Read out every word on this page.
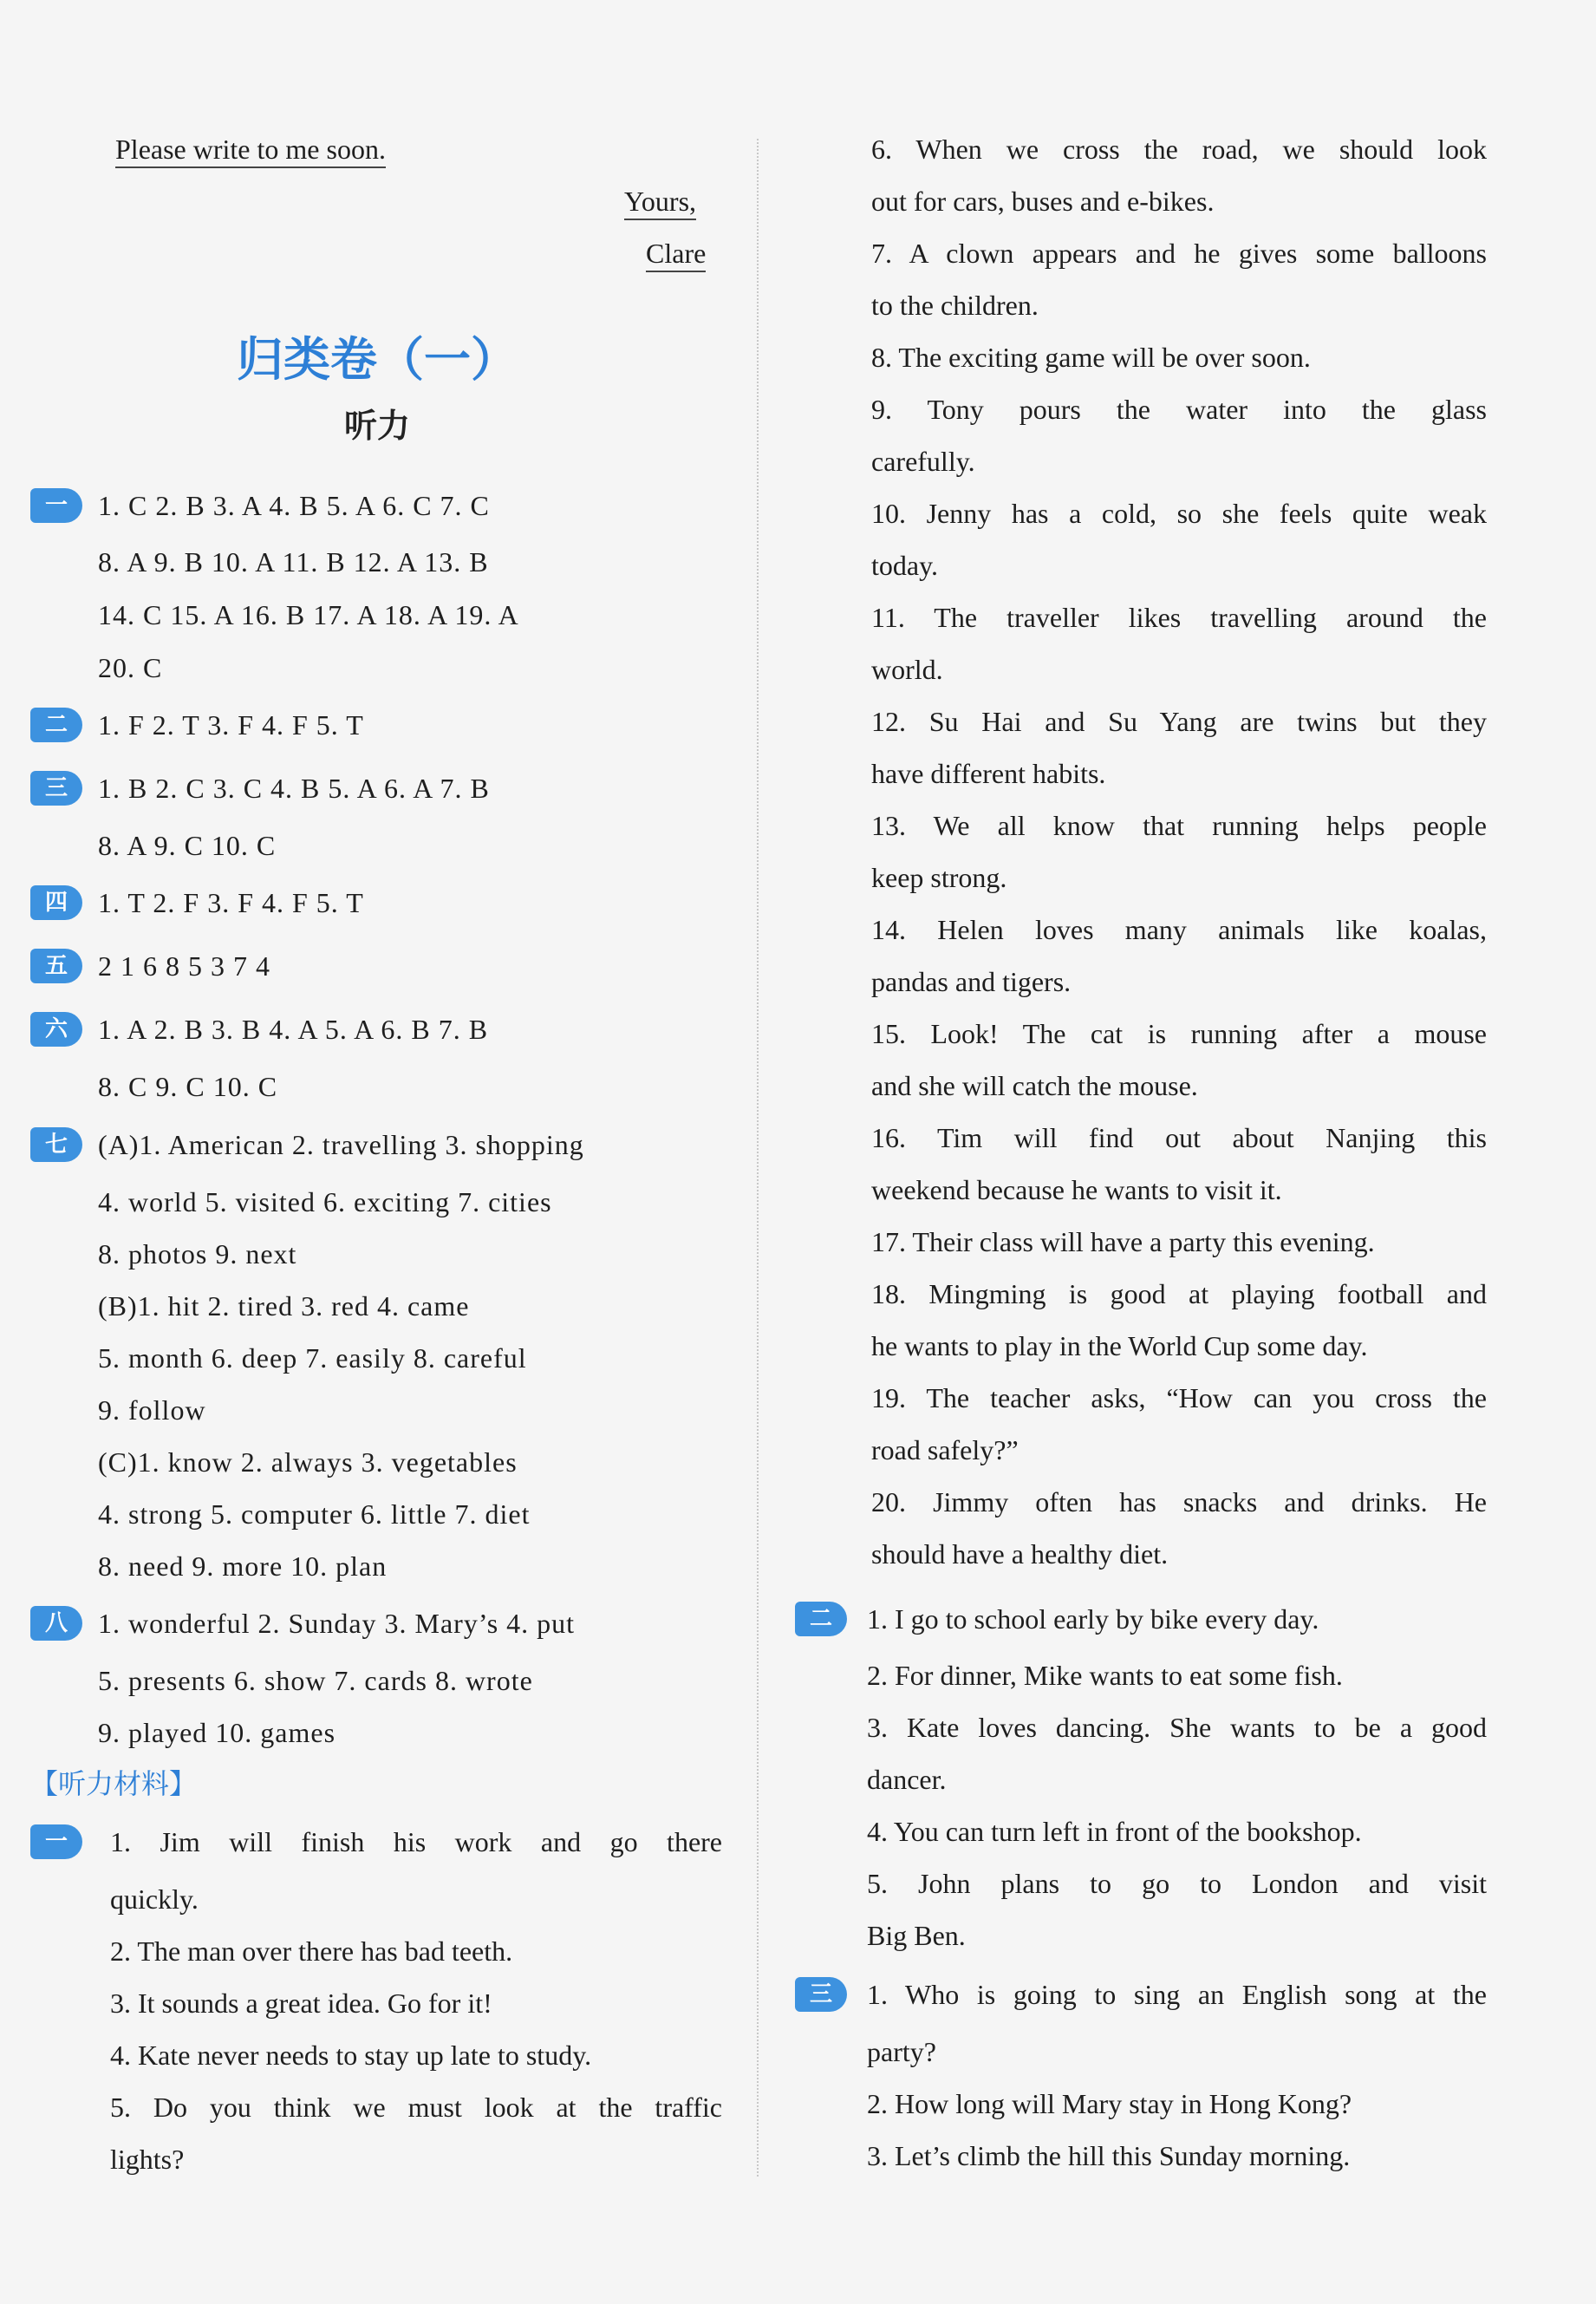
Please write to me soon.
Yours,
Clare
归类卷（一）
听力
一	1. C 2. B 3. A 4. B 5. A 6. C 7. C
8. A 9. B 10. A 11. B 12. A 13. B
14. C 15. A 16. B 17. A 18. A 19. A
20. C
二	1. F 2. T 3. F 4. F 5. T
三	1. B 2. C 3. C 4. B 5. A 6. A 7. B
8. A 9. C 10. C
四	1. T 2. F 3. F 4. F 5. T
五	2 1 6 8 5 3 7 4
六	1. A 2. B 3. B 4. A 5. A 6. B 7. B
8. C 9. C 10. C
七	(A)1. American 2. travelling 3. shopping
4. world 5. visited 6. exciting 7. cities
8. photos 9. next
(B)1. hit 2. tired 3. red 4. came
5. month 6. deep 7. easily 8. careful
9. follow
(C)1. know 2. always 3. vegetables
4. strong 5. computer 6. little 7. diet
8. need 9. more 10. plan
八	1. wonderful 2. Sunday 3. Mary’s 4. put
5. presents 6. show 7. cards 8. wrote
9. played 10. games
【听力材料】
一	1. Jim will finish his work and go there
quickly.
2. The man over there has bad teeth.
3. It sounds a great idea. Go for it!
4. Kate never needs to stay up late to study.
5. Do you think we must look at the traffic
lights?
6. When we cross the road, we should look
out for cars, buses and e-bikes.
7. A clown appears and he gives some balloons
to the children.
8. The exciting game will be over soon.
9. Tony pours the water into the glass
carefully.
10. Jenny has a cold, so she feels quite weak
today.
11. The traveller likes travelling around the
world.
12. Su Hai and Su Yang are twins but they
have different habits.
13. We all know that running helps people
keep strong.
14. Helen loves many animals like koalas,
pandas and tigers.
15. Look! The cat is running after a mouse
and she will catch the mouse.
16. Tim will find out about Nanjing this
weekend because he wants to visit it.
17. Their class will have a party this evening.
18. Mingming is good at playing football and
he wants to play in the World Cup some day.
19. The teacher asks, “How can you cross the
road safely?”
20. Jimmy often has snacks and drinks. He
should have a healthy diet.
二	1. I go to school early by bike every day.
2. For dinner, Mike wants to eat some fish.
3. Kate loves dancing. She wants to be a good
dancer.
4. You can turn left in front of the bookshop.
5. John plans to go to London and visit
Big Ben.
三	1. Who is going to sing an English song at the
party?
2. How long will Mary stay in Hong Kong?
3. Let’s climb the hill this Sunday morning.
